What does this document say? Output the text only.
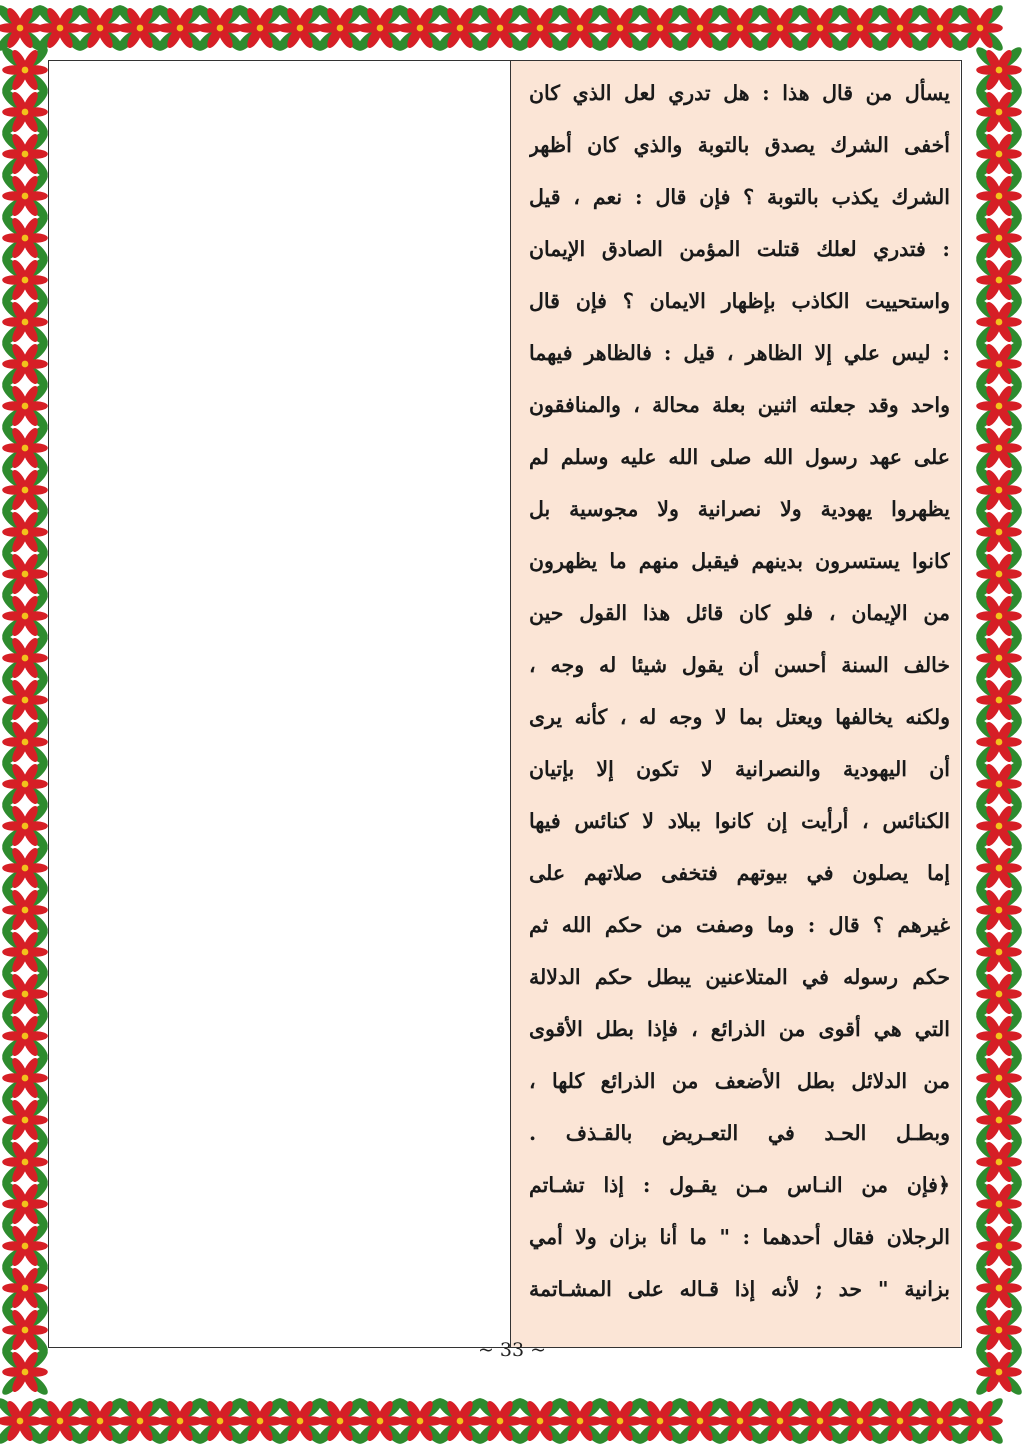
يسأل من قال هذا : هل تدري لعل الذي كان
أخفى الشرك يصدق بالتوبة والذي كان أظهر
الشرك يكذب بالتوبة ؟ فإن قال : نعم ، قيل
: فتدري لعلك قتلت المؤمن الصادق الإيمان
واستحييت الكاذب بإظهار الايمان ؟ فإن قال
: ليس علي إلا الظاهر ، قيل : فالظاهر فيهما
واحد وقد جعلته اثنين بعلة محالة ، والمنافقون
على عهد رسول الله صلى الله عليه وسلم لم
يظهروا يهودية ولا نصرانية ولا مجوسية بل
كانوا يستسرون بدينهم فيقبل منهم ما يظهرون
من الإيمان ، فلو كان قائل هذا القول حين
خالف السنة أحسن أن يقول شيئا له وجه ،
ولكنه يخالفها ويعتل بما لا وجه له ، كأنه يرى
أن اليهودية والنصرانية لا تكون إلا بإتيان
الكنائس ، أرأيت إن كانوا ببلاد لا كنائس فيها
إما يصلون في بيوتهم فتخفى صلاتهم على
غيرهم ؟ قال : وما وصفت من حكم الله ثم
حكم رسوله في المتلاعنين يبطل حكم الدلالة
التي هي أقوى من الذرائع ، فإذا بطل الأقوى
من الدلائل بطل الأضعف من الذرائع كلها ،
وبطـل الحـد في التعـريض بالقـذف .
﴿فإن من النـاس مـن يقـول : إذا تشـاتم
الرجلان فقال أحدهما : " ما أنا بزان ولا أمي
بزانية " حد ; لأنه إذا قـاله على المشـاتمة
~ 33 ~
